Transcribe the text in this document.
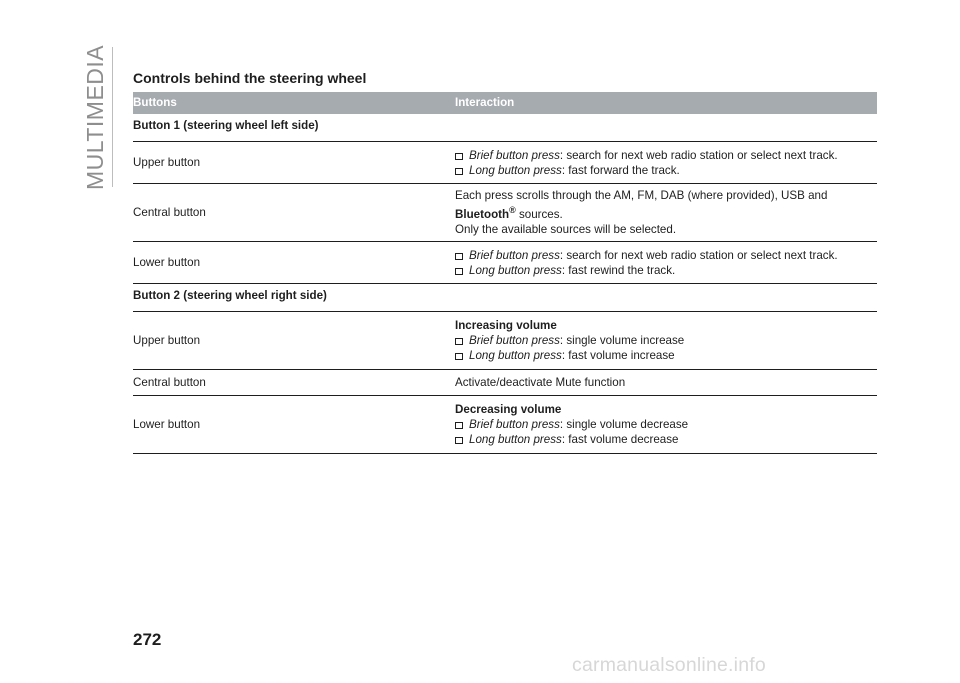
MULTIMEDIA Controls behind the steering wheel
Buttons	Interaction
Button 1 (steering wheel left side)
Upper button
Brief button press: search for next web radio station or select next track.
Long button press: fast forward the track.
Central button
Each press scrolls through the AM, FM, DAB (where provided), USB and
Bluetooth® sources.
Only the available sources will be selected.
Lower button
Brief button press: search for next web radio station or select next track.
Long button press: fast rewind the track.
Button 2 (steering wheel right side)
Upper button
Increasing volume
Brief button press: single volume increase
Long button press: fast volume increase
Central button	Activate/deactivate Mute function
Lower button
Decreasing volume
Brief button press: single volume decrease
Long button press: fast volume decrease
272
carmanualsonline.info
